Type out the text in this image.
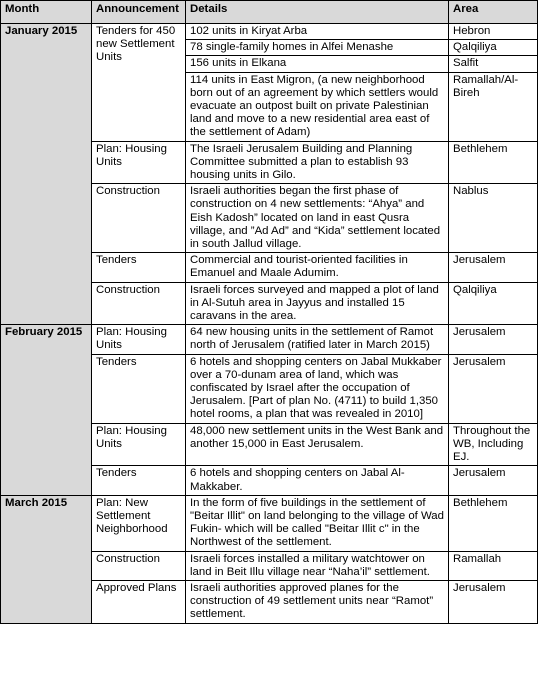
Month	Announcement	Details	Area
January 2015	Tenders for 450 new Settlement Units	102 units in Kiryat Arba	Hebron
		78 single-family homes in Alfei Menashe	Qalqiliya
		156 units in Elkana	Salfit
		114 units in East Migron, (a new neighborhood born out of an agreement by which settlers would evacuate an outpost built on private Palestinian land and move to a new residential area east of the settlement of Adam)	Ramallah/Al-Bireh
	Plan: Housing Units	The Israeli Jerusalem Building and Planning Committee submitted a plan to establish 93 housing units in Gilo.	Bethlehem
	Construction	Israeli authorities began the first phase of construction on 4 new settlements: “Ahya” and Eish Kadosh” located on land in east Qusra village, and ”Ad Ad” and “Kida” settlement located in south Jallud village.	Nablus
	Tenders	Commercial and tourist-oriented facilities in Emanuel and Maale Adumim.	Jerusalem
	Construction	Israeli forces surveyed and mapped a plot of land in Al-Sutuh area in Jayyus and installed 15 caravans in the area.	Qalqiliya
February 2015	Plan: Housing Units	64 new housing units in the settlement of Ramot north of Jerusalem (ratified later in March 2015)	Jerusalem
	Tenders	6 hotels and shopping centers on Jabal Mukkaber over a 70-dunam area of land, which was confiscated by Israel after the occupation of Jerusalem. [Part of plan No. (4711) to build 1,350 hotel rooms, a plan that was revealed in 2010]	Jerusalem
	Plan: Housing Units	48,000 new settlement units in the West Bank and another 15,000 in East Jerusalem.	Throughout the WB, Including EJ.
	Tenders	6 hotels and shopping centers on Jabal Al-Makkaber.	Jerusalem
March 2015	Plan: New Settlement Neighborhood	In the form of five buildings in the settlement of "Beitar Illit" on land belonging to the village of Wad Fukin- which will be called "Beitar Illit c" in the Northwest of the settlement.	Bethlehem
	Construction	Israeli forces installed a military watchtower on land in Beit Illu village near “Naha’il” settlement.	Ramallah
	Approved Plans	Israeli authorities approved planes for the construction of 49 settlement units near “Ramot” settlement.	Jerusalem
